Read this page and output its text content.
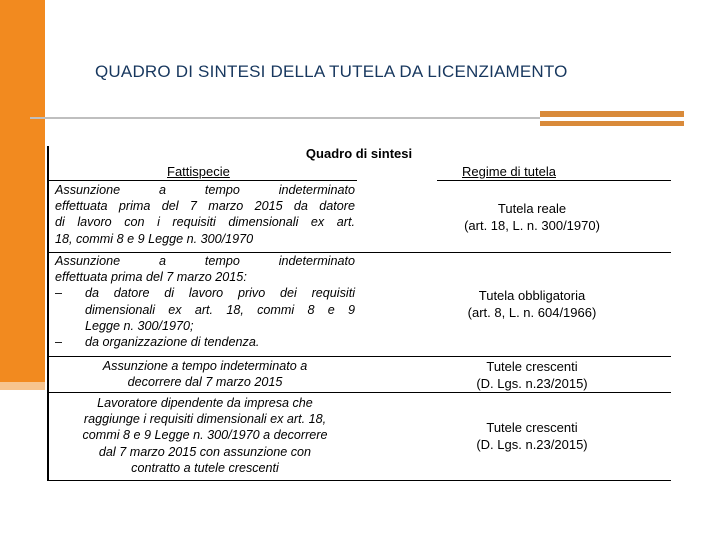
QUADRO DI SINTESI DELLA TUTELA DA LICENZIAMENTO
Quadro di sintesi
Fattispecie	Regime di tutela
Assunzione a tempo indeterminato
effettuata prima del 7 marzo 2015 da datore
di lavoro con i requisiti dimensionali ex art.
18, commi 8 e 9 Legge n. 300/1970
Tutela reale
(art. 18, L. n. 300/1970)
Assunzione a tempo indeterminato
effettuata prima del 7 marzo 2015:
– da datore di lavoro privo dei requisiti
dimensionali ex art. 18, commi 8 e 9
Legge n. 300/1970;
– da organizzazione di tendenza.
Tutela obbligatoria
(art. 8, L. n. 604/1966)
Assunzione a tempo indeterminato a
decorrere dal 7 marzo 2015
Tutele crescenti
(D. Lgs. n.23/2015)
Lavoratore dipendente da impresa che
raggiunge i requisiti dimensionali ex art. 18,
commi 8 e 9 Legge n. 300/1970 a decorrere
dal 7 marzo 2015 con assunzione con
contratto a tutele crescenti
Tutele crescenti
(D. Lgs. n.23/2015)
